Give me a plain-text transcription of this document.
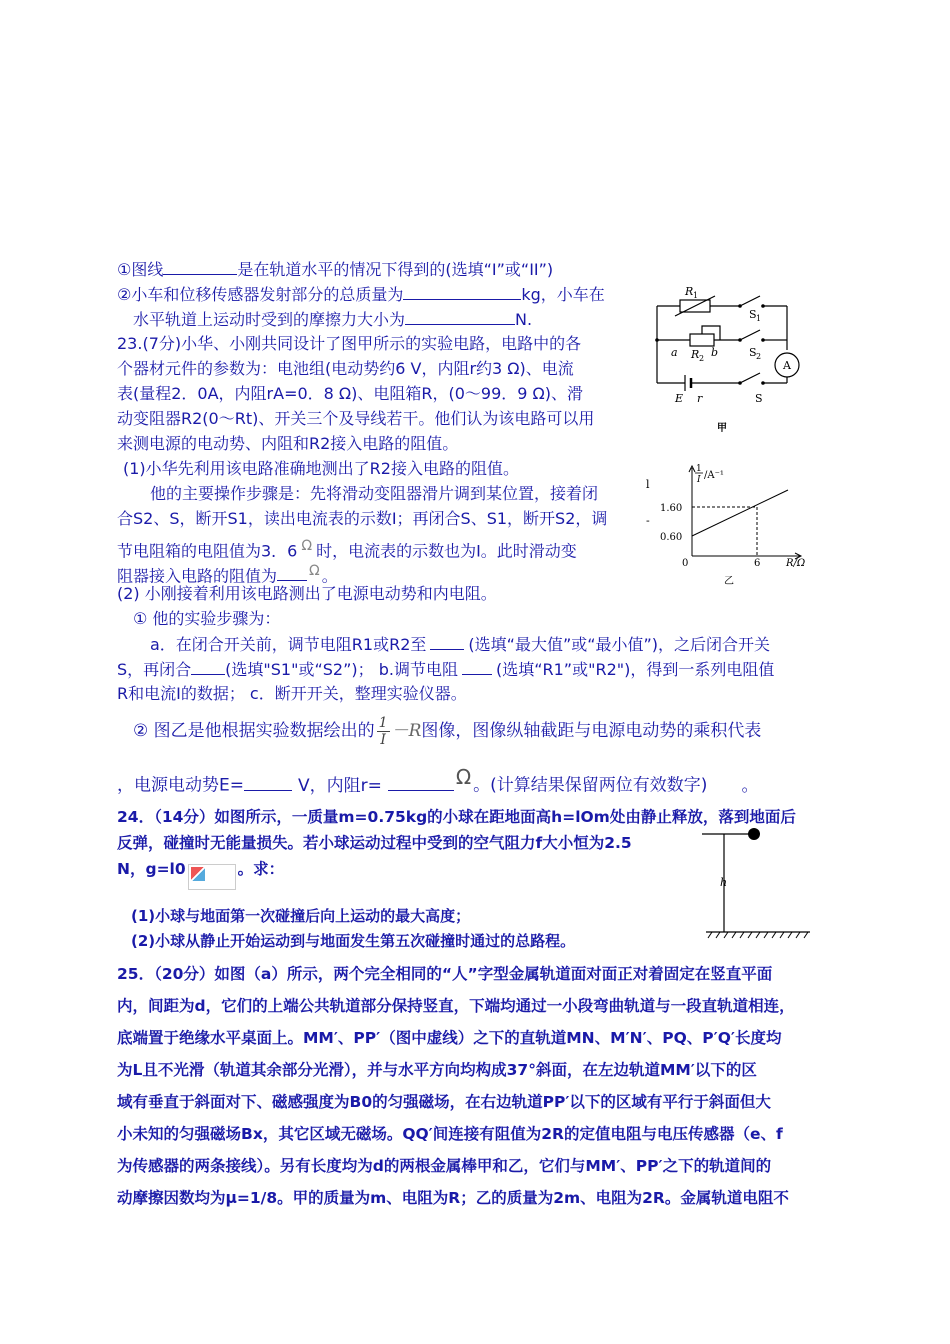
①图线	是在轨道水平的情况下得到的(选填“I”或“II”)
②小车和位移传感器发射部分的总质量为	kg，小车在
水平轨道上运动时受到的摩擦力大小为	N.
23.(7分)小华、小刚共同设计了图甲所示的实验电路，电路中的各
个器材元件的参数为：电池组(电动势约6 V，内阻r约3 Ω)、电流
表(量程2．0A，内阻rA=0．8 Ω)、电阻箱R，(0～99．9 Ω)、滑
动变阻器R2(0～Rt)、开关三个及导线若干。他们认为该电路可以用
来测电源的电动势、内阻和R2接入电路的阻值。
(1)小华先利用该电路准确地测出了R2接入电路的阻值。
他的主要操作步骤是：先将滑动变阻器滑片调到某位置，接着闭
合S2、S，断开S1，读出电流表的示数I；再闭合S、S1，断开S2，调
节电阻箱的电阻值为3．6 Ω 时，电流表的示数也为I。此时滑动变
阻器接入电路的阻值为 Ω 。
(2) 小刚接着利用该电路测出了电源电动势和内电阻。
① 他的实验步骤为：
a．在闭合开关前，调节电阻R1或R2至	(选填“最大值”或“最小值”)，之后闭合开关
S，再闭合 (选填"S1"或“S2”)； b.调节电阻 (选填“R1”或"R2")，得到一系列电阻值
R和电流I的数据； c．断开开关，整理实验仪器。
② 图乙是他根据实验数据绘出的 $\frac{1}{I} -R$图像，图像纵轴截距与电源电动势的乘积代表
，电源电动势E=	V，内阻r=	Ω 。(计算结果保留两位有效数字) 。
24．（14分）如图所示，一质量m=0.75kg的小球在距地面高h=lOm处由静止释放，落到地面后
反弹，碰撞时无能量损失。若小球运动过程中受到的空气阻力f大小恒为2.5
N，g=l0	。求：
(1)小球与地面第一次碰撞后向上运动的最大高度；
(2)小球从静止开始运动到与地面发生第五次碰撞时通过的总路程。
25．（20分）如图（a）所示，两个完全相同的“人”字型金属轨道面对面正对着固定在竖直平面
内，间距为d，它们的上端公共轨道部分保持竖直，下端均通过一小段弯曲轨道与一段直轨道相连，
底端置于绝缘水平桌面上。MM′、PP′（图中虚线）之下的直轨道MN、M′N′、PQ、P′Q′长度均
为L且不光滑（轨道其余部分光滑），并与水平方向均构成37°斜面，在左边轨道MM′以下的区
域有垂直于斜面对下、磁感强度为B0的匀强磁场，在右边轨道PP′以下的区域有平行于斜面但大
小未知的匀强磁场Bx，其它区域无磁场。QQ′间连接有阻值为2R的定值电阻与电压传感器（e、f
为传感器的两条接线）。另有长度均为d的两根金属棒甲和乙，它们与MM′、PP′之下的轨道间的
动摩擦因数均为μ=1/8。甲的质量为m、电阻为R；乙的质量为2m、电阻为2R。金属轨道电阻不
R 1
a R 2 b
S 1
S 2
A
E r	S
甲
l
-
1
I /A⁻¹
1.60
0.60
0	6	R/Ω
乙
h
